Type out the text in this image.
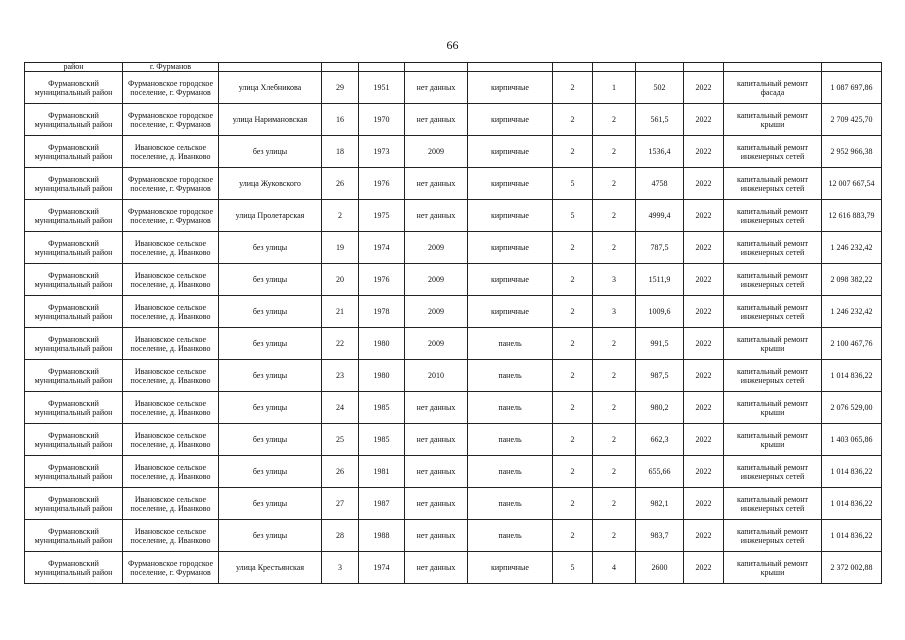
66
район	г. Фурманов											
Фурмановский муниципальный район	Фурмановское городское поселение, г. Фурманов	улица Хлебникова	29	1951	нет данных	кирпичные	2	1	502	2022	капитальный ремонт фасада	1 087 697,86
Фурмановский муниципальный район	Фурмановское городское поселение, г. Фурманов	улица Наримановская	16	1970	нет данных	кирпичные	2	2	561,5	2022	капитальный ремонт крыши	2 709 425,70
Фурмановский муниципальный район	Ивановское сельское поселение, д. Иванково	без улицы	18	1973	2009	кирпичные	2	2	1536,4	2022	капитальный ремонт инженерных сетей	2 952 966,38
Фурмановский муниципальный район	Фурмановское городское поселение, г. Фурманов	улица Жуковского	26	1976	нет данных	кирпичные	5	2	4758	2022	капитальный ремонт инженерных сетей	12 007 667,54
Фурмановский муниципальный район	Фурмановское городское поселение, г. Фурманов	улица Пролетарская	2	1975	нет данных	кирпичные	5	2	4999,4	2022	капитальный ремонт инженерных сетей	12 616 883,79
Фурмановский муниципальный район	Ивановское сельское поселение, д. Иванково	без улицы	19	1974	2009	кирпичные	2	2	787,5	2022	капитальный ремонт инженерных сетей	1 246 232,42
Фурмановский муниципальный район	Ивановское сельское поселение, д. Иванково	без улицы	20	1976	2009	кирпичные	2	3	1511,9	2022	капитальный ремонт инженерных сетей	2 098 382,22
Фурмановский муниципальный район	Ивановское сельское поселение, д. Иванково	без улицы	21	1978	2009	кирпичные	2	3	1009,6	2022	капитальный ремонт инженерных сетей	1 246 232,42
Фурмановский муниципальный район	Ивановское сельское поселение, д. Иванково	без улицы	22	1980	2009	панель	2	2	991,5	2022	капитальный ремонт крыши	2 100 467,76
Фурмановский муниципальный район	Ивановское сельское поселение, д. Иванково	без улицы	23	1980	2010	панель	2	2	987,5	2022	капитальный ремонт инженерных сетей	1 014 836,22
Фурмановский муниципальный район	Ивановское сельское поселение, д. Иванково	без улицы	24	1985	нет данных	панель	2	2	980,2	2022	капитальный ремонт крыши	2 076 529,00
Фурмановский муниципальный район	Ивановское сельское поселение, д. Иванково	без улицы	25	1985	нет данных	панель	2	2	662,3	2022	капитальный ремонт крыши	1 403 065,86
Фурмановский муниципальный район	Ивановское сельское поселение, д. Иванково	без улицы	26	1981	нет данных	панель	2	2	655,66	2022	капитальный ремонт инженерных сетей	1 014 836,22
Фурмановский муниципальный район	Ивановское сельское поселение, д. Иванково	без улицы	27	1987	нет данных	панель	2	2	982,1	2022	капитальный ремонт инженерных сетей	1 014 836,22
Фурмановский муниципальный район	Ивановское сельское поселение, д. Иванково	без улицы	28	1988	нет данных	панель	2	2	983,7	2022	капитальный ремонт инженерных сетей	1 014 836,22
Фурмановский муниципальный район	Фурмановское городское поселение, г. Фурманов	улица Крестьянская	3	1974	нет данных	кирпичные	5	4	2600	2022	капитальный ремонт крыши	2 372 002,88
